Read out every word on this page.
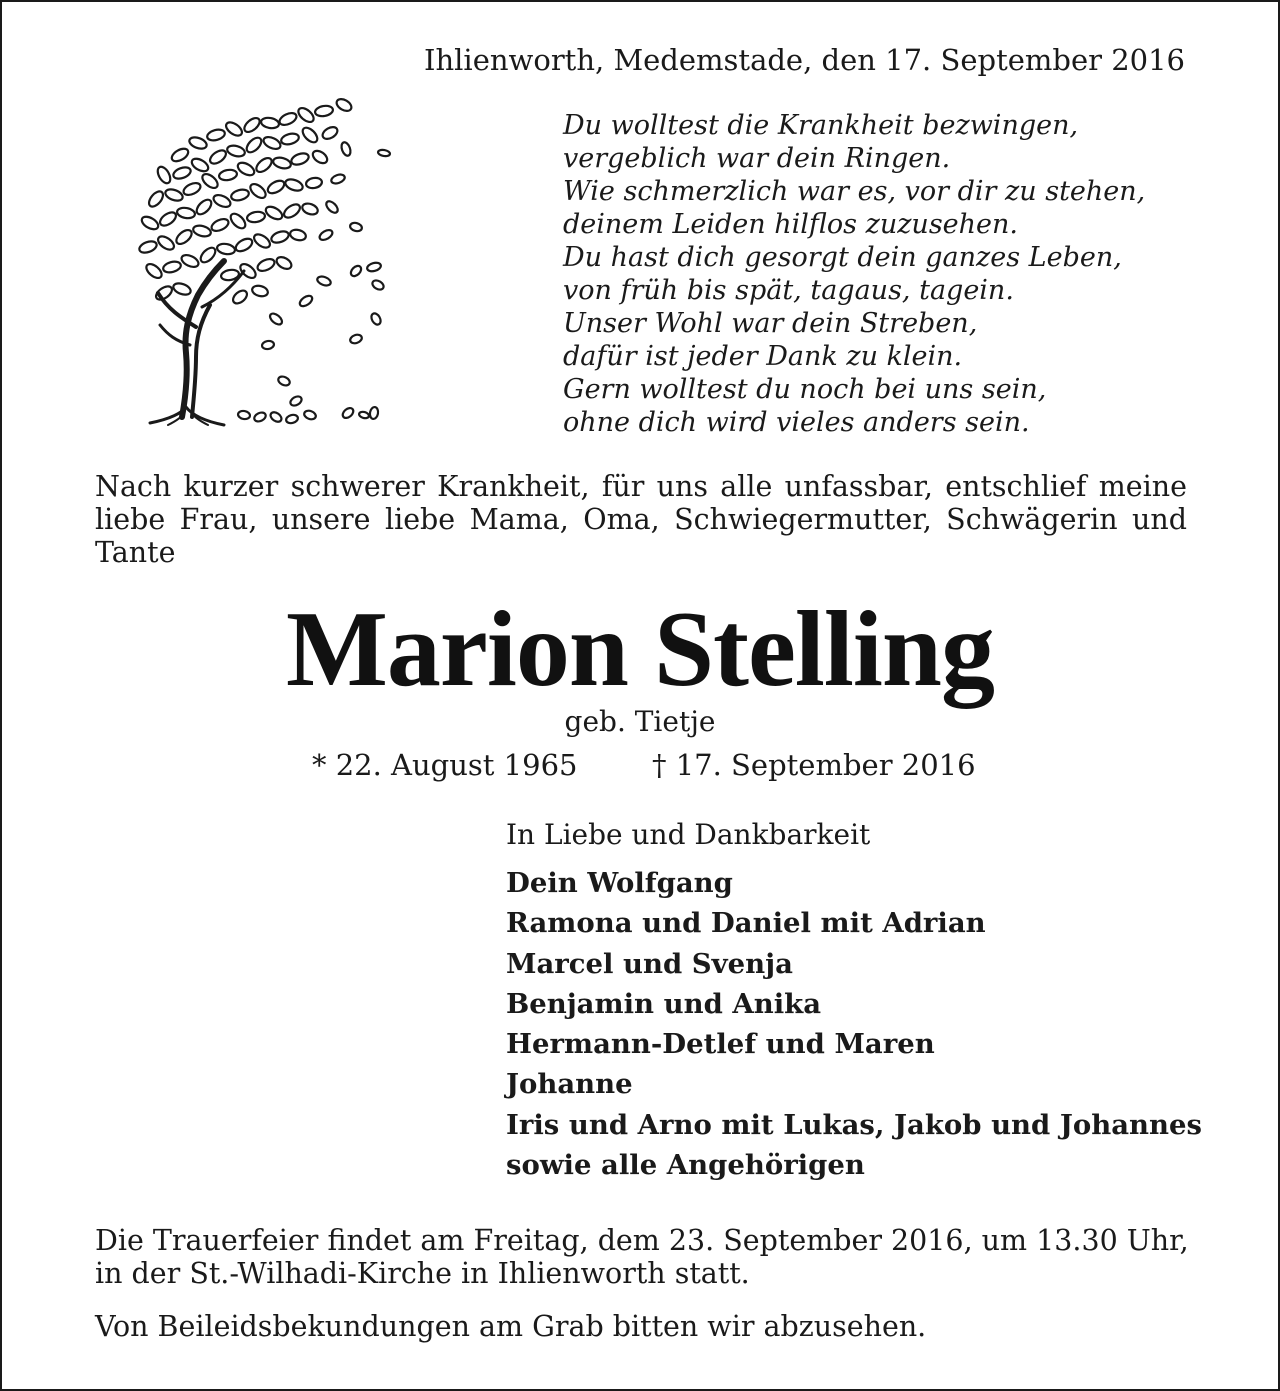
Ihlienworth, Medemstade, den 17. September 2016
Du wolltest die Krankheit bezwingen,
vergeblich war dein Ringen.
Wie schmerzlich war es, vor dir zu stehen,
deinem Leiden hilflos zuzusehen.
Du hast dich gesorgt dein ganzes Leben,
von früh bis spät, tagaus, tagein.
Unser Wohl war dein Streben,
dafür ist jeder Dank zu klein.
Gern wolltest du noch bei uns sein,
ohne dich wird vieles anders sein.
Nach kurzer schwerer Krankheit, für uns alle unfassbar, entschlief meine liebe Frau, unsere liebe Mama, Oma, Schwiegermutter, Schwägerin und Tante
Marion Stelling
geb. Tietje
* 22. August 1965	† 17. September 2016
In Liebe und Dankbarkeit
Dein Wolfgang
Ramona und Daniel mit Adrian
Marcel und Svenja
Benjamin und Anika
Hermann-Detlef und Maren
Johanne
Iris und Arno mit Lukas, Jakob und Johannes
sowie alle Angehörigen
Die Trauerfeier findet am Freitag, dem 23. September 2016, um 13.30 Uhr, in der St.-Wilhadi-Kirche in Ihlienworth statt.
Von Beileidsbekundungen am Grab bitten wir abzusehen.
